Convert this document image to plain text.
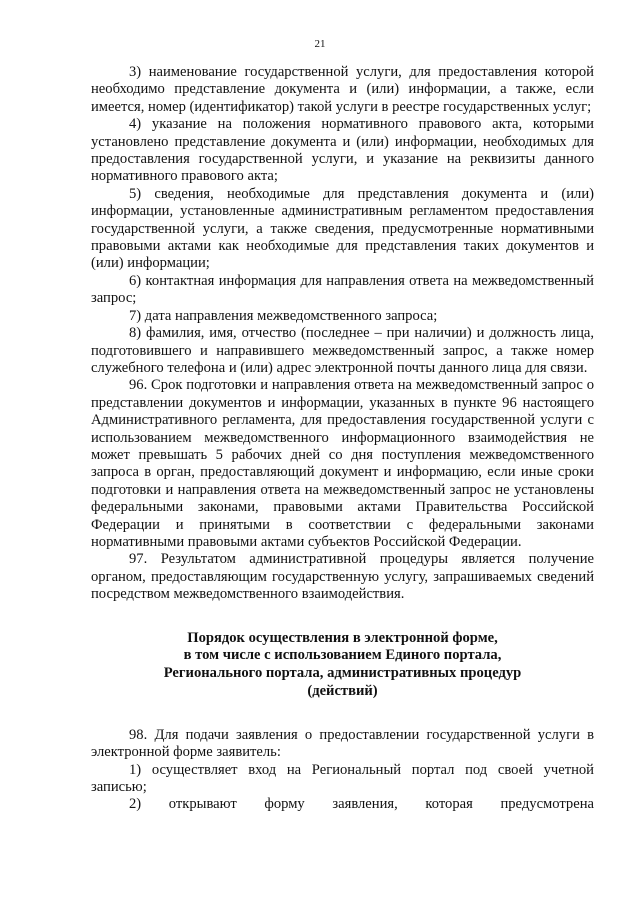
21

3) наименование государственной услуги, для предоставления которой необходимо представление документа и (или) информации, а также, если имеется, номер (идентификатор) такой услуги в реестре государственных услуг;

4) указание на положения нормативного правового акта, которыми установлено представление документа и (или) информации, необходимых для предоставления государственной услуги, и указание на реквизиты данного нормативного правового акта;

5) сведения, необходимые для представления документа и (или) информации, установленные административным регламентом предоставления государственной услуги, а также сведения, предусмотренные нормативными правовыми актами как необходимые для представления таких документов и (или) информации;

6) контактная информация для направления ответа на межведомственный запрос;

7) дата направления межведомственного запроса;

8) фамилия, имя, отчество (последнее – при наличии) и должность лица, подготовившего и направившего межведомственный запрос, а также номер служебного телефона и (или) адрес электронной почты данного лица для связи.

96. Срок подготовки и направления ответа на межведомственный запрос о представлении документов и информации, указанных в пункте 96 настоящего Административного регламента, для предоставления государственной услуги с использованием межведомственного информационного взаимодействия не может превышать 5 рабочих дней со дня поступления межведомственного запроса в орган, предоставляющий документ и информацию, если иные сроки подготовки и направления ответа на межведомственный запрос не установлены федеральными законами, правовыми актами Правительства Российской Федерации и принятыми в соответствии с федеральными законами нормативными правовыми актами субъектов Российской Федерации.

97. Результатом административной процедуры является получение органом, предоставляющим государственную услугу, запрашиваемых сведений посредством межведомственного взаимодействия.

Порядок осуществления в электронной форме,
в том числе с использованием Единого портала,
Регионального портала, административных процедур
(действий)

98. Для подачи заявления о предоставлении государственной услуги в электронной форме заявитель:

1) осуществляет вход на Региональный портал под своей учетной записью;

2) открывают форму заявления, которая предусмотрена
